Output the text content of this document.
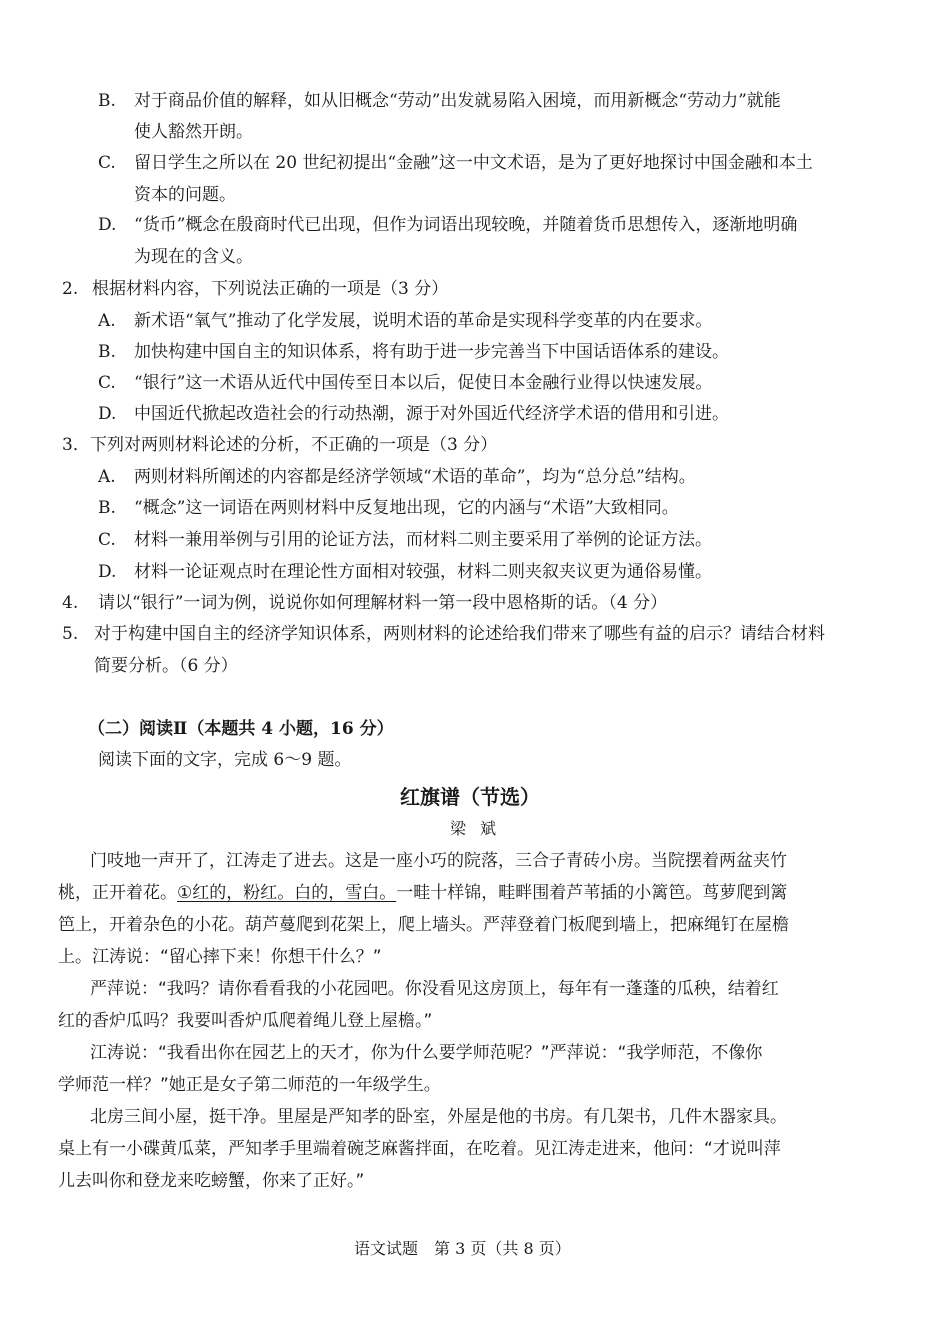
B. 对于商品价值的解释，如从旧概念“劳动”出发就易陷入困境，而用新概念“劳动力”就能
使人豁然开朗。
C. 留日学生之所以在 20 世纪初提出“金融”这一中文术语，是为了更好地探讨中国金融和本土
资本的问题。
D. “货币”概念在殷商时代已出现，但作为词语出现较晚，并随着货币思想传入，逐渐地明确
为现在的含义。
2. 根据材料内容，下列说法正确的一项是（3 分）
A. 新术语“氧气”推动了化学发展，说明术语的革命是实现科学变革的内在要求。
B. 加快构建中国自主的知识体系，将有助于进一步完善当下中国话语体系的建设。
C. “银行”这一术语从近代中国传至日本以后，促使日本金融行业得以快速发展。
D. 中国近代掀起改造社会的行动热潮，源于对外国近代经济学术语的借用和引进。
3． 下列对两则材料论述的分析，不正确的一项是（3 分）
A. 两则材料所阐述的内容都是经济学领域“术语的革命”，均为“总分总”结构。
B. “概念”这一词语在两则材料中反复地出现，它的内涵与“术语”大致相同。
C. 材料一兼用举例与引用的论证方法，而材料二则主要采用了举例的论证方法。
D. 材料一论证观点时在理论性方面相对较强，材料二则夹叙夹议更为通俗易懂。
4. 请以“银行”一词为例，说说你如何理解材料一第一段中恩格斯的话。（4 分）
5. 对于构建中国自主的经济学知识体系，两则材料的论述给我们带来了哪些有益的启示？请结合材料
简要分析。（6 分）
（二）阅读Ⅱ（本题共 4 小题，16 分）
阅读下面的文字，完成 6～9 题。
红旗谱（节选）
梁斌
门吱地一声开了，江涛走了进去。这是一座小巧的院落，三合子青砖小房。当院摆着两盆夹竹
桃，正开着花。①红的，粉红。白的，雪白。一畦十样锦，畦畔围着芦苇插的小篱笆。茑萝爬到篱
笆上，开着杂色的小花。葫芦蔓爬到花架上，爬上墙头。严萍登着门板爬到墙上，把麻绳钉在屋檐
上。江涛说：“留心摔下来！你想干什么？”
严萍说：“我吗？请你看看我的小花园吧。你没看见这房顶上，每年有一蓬蓬的瓜秧，结着红
红的香炉瓜吗？我要叫香炉瓜爬着绳儿登上屋檐。”
江涛说：“我看出你在园艺上的天才，你为什么要学师范呢？”严萍说：“我学师范，不像你
学师范一样？”她正是女子第二师范的一年级学生。
北房三间小屋，挺干净。里屋是严知孝的卧室，外屋是他的书房。有几架书，几件木器家具。
桌上有一小碟黄瓜菜，严知孝手里端着碗芝麻酱拌面，在吃着。见江涛走进来，他问：“才说叫萍
儿去叫你和登龙来吃螃蟹，你来了正好。”
语文试题　第 3 页（共 8 页）
